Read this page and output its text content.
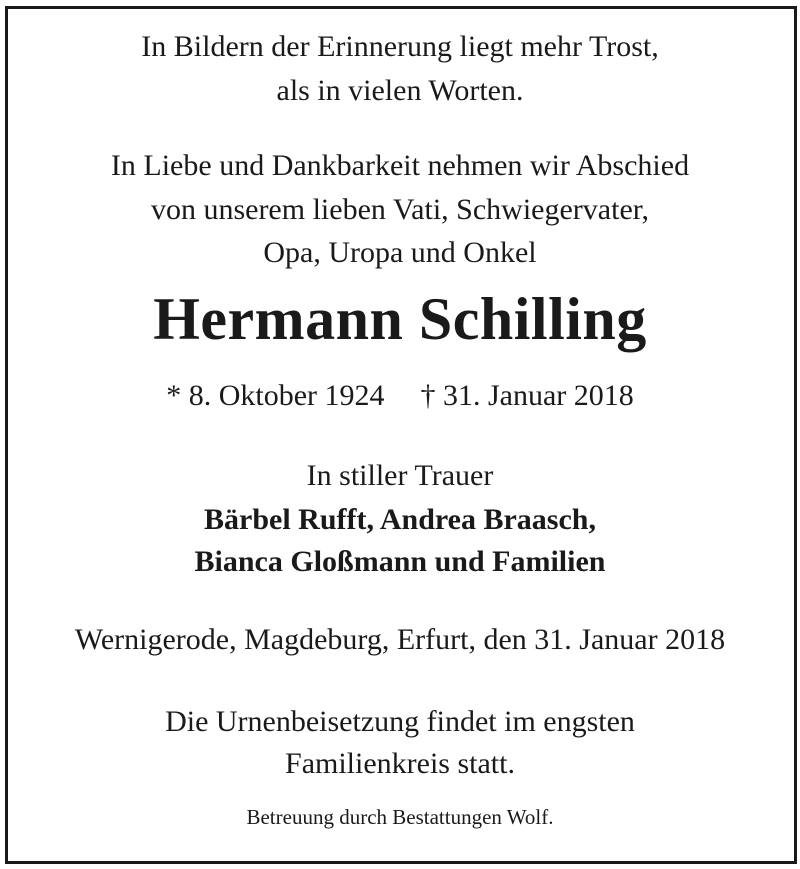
In Bildern der Erinnerung liegt mehr Trost,
als in vielen Worten.
In Liebe und Dankbarkeit nehmen wir Abschied
von unserem lieben Vati, Schwiegervater,
Opa, Uropa und Onkel
Hermann Schilling
* 8. Oktober 1924 † 31. Januar 2018
In stiller Trauer
Bärbel Rufft, Andrea Braasch,
Bianca Gloßmann und Familien
Wernigerode, Magdeburg, Erfurt, den 31. Januar 2018
Die Urnenbeisetzung findet im engsten
Familienkreis statt.
Betreuung durch Bestattungen Wolf.
